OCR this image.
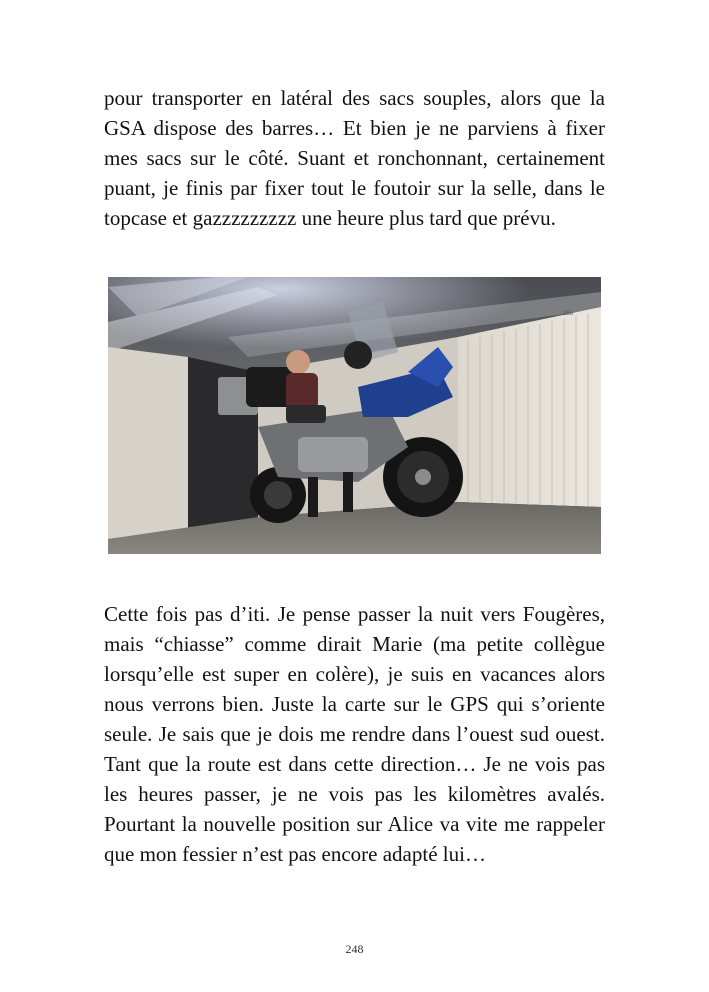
pour transporter en latéral des sacs souples, alors que la GSA dispose des barres… Et bien je ne parviens à fixer mes sacs sur le côté. Suant et ronchonnant, certainement puant, je finis par fixer tout le foutoir sur la selle, dans le topcase et gazzzzzzzzz une heure plus tard que prévu.

256

Cette fois pas d’iti. Je pense passer la nuit vers Fougères, mais “chiasse” comme dirait Marie (ma petite collègue lorsqu’elle est super en colère), je suis en vacances alors nous verrons bien. Juste la carte sur le GPS qui s’oriente seule. Je sais que je dois me rendre dans l’ouest sud ouest. Tant que la route est dans cette direction… Je ne vois pas les heures passer, je ne vois pas les kilomètres avalés. Pourtant la nouvelle position sur Alice va vite me rappeler que mon fessier n’est pas encore adapté lui…

248
